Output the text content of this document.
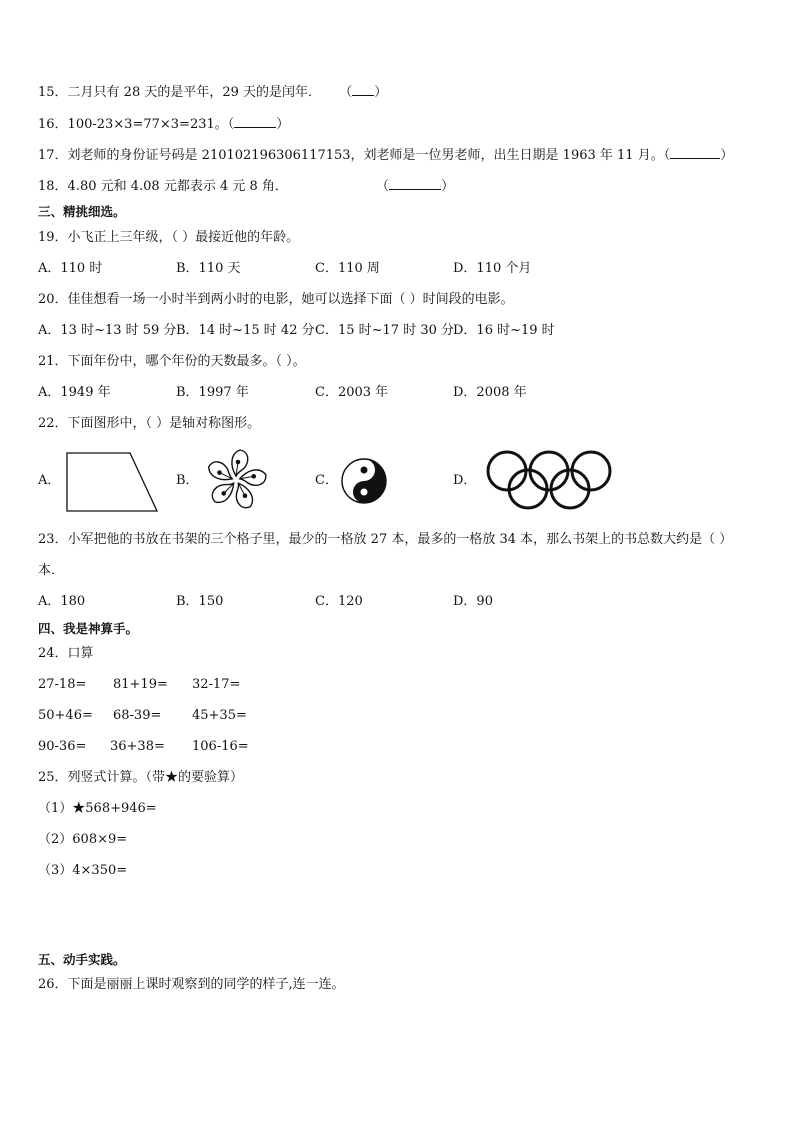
15．二月只有 28 天的是平年，29 天的是闰年． （ ）
16．100-23×3=77×3=231。（	）
17．刘老师的身份证号码是 210102196306117153，刘老师是一位男老师，出生日期是 1963 年 11 月。（	）
18．4.80 元和 4.08 元都表示 4 元 8 角．	（	）
三、精挑细选。
19．小飞正上三年级，（ ）最接近他的年龄。
A．110 时	B．110 天	C．110 周	D．110 个月
20．佳佳想看一场一小时半到两小时的电影，她可以选择下面（ ）时间段的电影。
A．13 时~13 时 59 分 B．14 时~15 时 42 分 C．15 时~17 时 30 分 D．16 时~19 时
21．下面年份中，哪个年份的天数最多。（ ）。
A．1949 年	B．1997 年	C．2003 年	D．2008 年
22．下面图形中，（ ）是轴对称图形。
A．	B．	C．	D．
23．小军把他的书放在书架的三个格子里，最少的一格放 27 本，最多的一格放 34 本，那么书架上的书总数大约是（ ）
本．
A．180	B．150	C．120	D．90
四、我是神算手。
24．口算
27-18= 81+19= 32-17=
50+46= 68-39= 45+35=
90-36= 36+38= 106-16=
25．列竖式计算。（带★的要验算）
（1）★568+946=
（2）608×9=
（3）4×350=
五、动手实践。
26．下面是丽丽上课时观察到的同学的样子,连一连。
